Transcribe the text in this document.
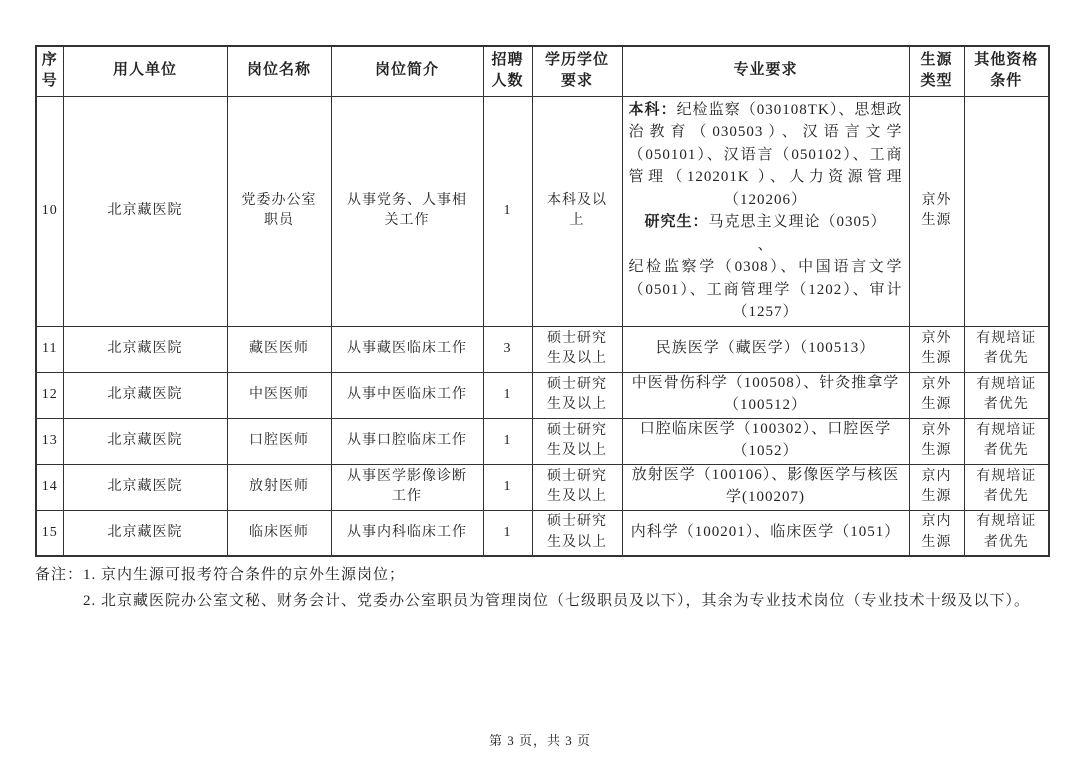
序号	用人单位	岗位名称	岗位简介	招聘人数	学历学位要求	专业要求	生源类型	其他资格条件
10	北京藏医院	党委办公室职员	从事党务、人事相关工作	1	本科及以上	本科：纪检监察（030108TK）、思想政治教育（030503）、汉语言文学（050101）、汉语言（050102）、工商管理（120201K ）、人力资源管理（120206）
研究生：马克思主义理论（0305）
、
纪检监察学（0308）、中国语言文学（0501）、工商管理学（1202）、审计（1257）	京外生源	
11	北京藏医院	藏医医师	从事藏医临床工作	3	硕士研究生及以上	民族医学（藏医学）（100513）	京外生源	有规培证者优先
12	北京藏医院	中医医师	从事中医临床工作	1	硕士研究生及以上	中医骨伤科学（100508）、针灸推拿学（100512）	京外生源	有规培证者优先
13	北京藏医院	口腔医师	从事口腔临床工作	1	硕士研究生及以上	口腔临床医学（100302）、口腔医学（1052）	京外生源	有规培证者优先
14	北京藏医院	放射医师	从事医学影像诊断工作	1	硕士研究生及以上	放射医学（100106）、影像医学与核医学(100207)	京内生源	有规培证者优先
15	北京藏医院	临床医师	从事内科临床工作	1	硕士研究生及以上	内科学（100201）、临床医学（1051）	京内生源	有规培证者优先
备注： 1. 京内生源可报考符合条件的京外生源岗位；
2. 北京藏医院办公室文秘、财务会计、党委办公室职员为管理岗位（七级职员及以下），其余为专业技术岗位（专业技术十级及以下）。
第 3 页，共 3 页
